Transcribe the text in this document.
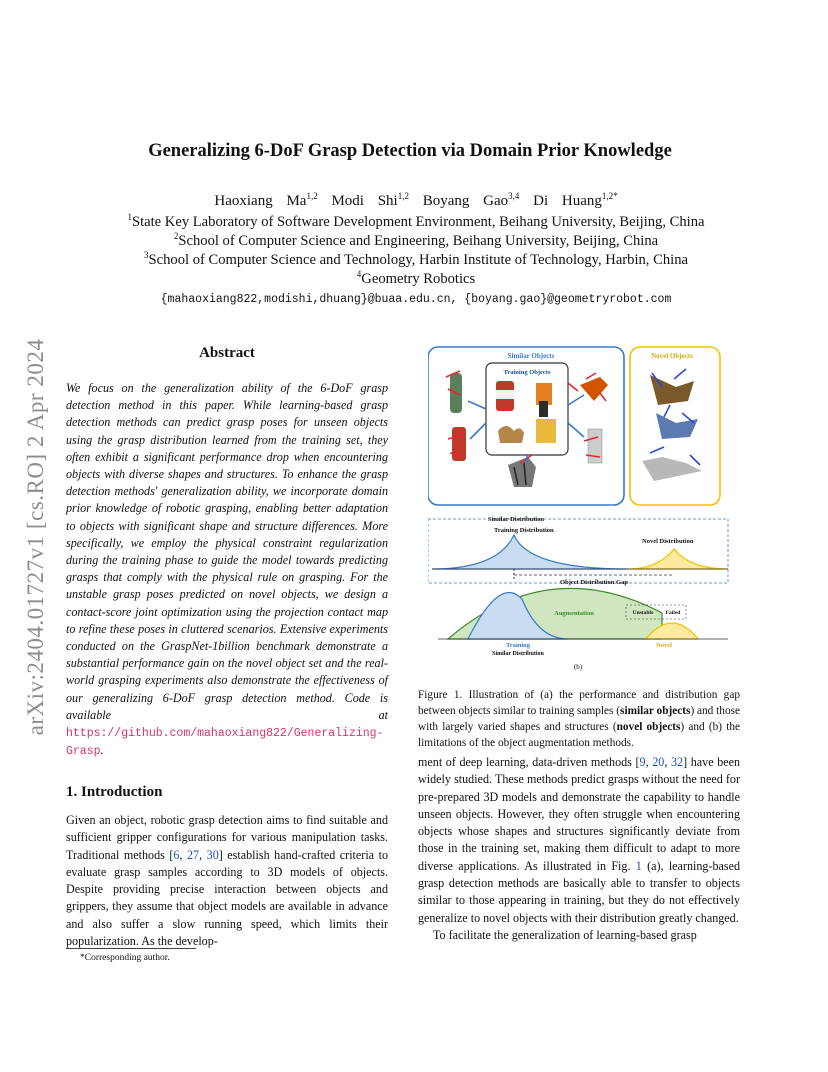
arXiv:2404.01727v1 [cs.RO] 2 Apr 2024
Generalizing 6-DoF Grasp Detection via Domain Prior Knowledge
Haoxiang Ma$^{1,2}$ Modi Shi$^{1,2}$ Boyang Gao$^{3,4}$ Di Huang$^{1,2*}$
$^1$State Key Laboratory of Software Development Environment, Beihang University, Beijing, China
$^2$School of Computer Science and Engineering, Beihang University, Beijing, China
$^3$School of Computer Science and Technology, Harbin Institute of Technology, Harbin, China
$^4$Geometry Robotics
{mahaoxiang822,modishi,dhuang}@buaa.edu.cn, {boyang.gao}@geometryrobot.com
Abstract
We focus on the generalization ability of the 6-DoF grasp detection method in this paper. While learning-based grasp detection methods can predict grasp poses for unseen objects using the grasp distribution learned from the training set, they often exhibit a significant performance drop when encountering objects with diverse shapes and structures. To enhance the grasp detection methods' generalization ability, we incorporate domain prior knowledge of robotic grasping, enabling better adaptation to objects with significant shape and structure differences. More specifically, we employ the physical constraint regularization during the training phase to guide the model towards predicting grasps that comply with the physical rule on grasping. For the unstable grasp poses predicted on novel objects, we design a contact-score joint optimization using the projection contact map to refine these poses in cluttered scenarios. Extensive experiments conducted on the GraspNet-1billion benchmark demonstrate a substantial performance gain on the novel object set and the real-world grasping experiments also demonstrate the effectiveness of our generalizing 6-DoF grasp detection method. Code is available at https://github.com/mahaoxiang822/Generalizing-Grasp.
1. Introduction
Given an object, robotic grasp detection aims to find suitable and sufficient gripper configurations for various manipulation tasks. Traditional methods [6, 27, 30] establish hand-crafted criteria to evaluate grasp samples according to 3D models of objects. Despite providing precise interaction between objects and grippers, they assume that object models are available in advance and also suffer a slow running speed, which limits their popularization. As the develop-
*Corresponding author.
Similar Objects
Training Objects
Novel Objects
Similar Distribution
Training Distribution
Novel Distribution
Object Distribution Gap
Augmentation	Unstable Failed
Training
Similar Distribution
Novel
(b)
Figure 1. Illustration of (a) the performance and distribution gap between objects similar to training samples (similar objects) and those with largely varied shapes and structures (novel objects) and (b) the limitations of the object augmentation methods.

ment of deep learning, data-driven methods [9, 20, 32] have been widely studied. These methods predict grasps without the need for pre-prepared 3D models and demonstrate the capability to handle unseen objects. However, they often struggle when encountering objects whose shapes and structures significantly deviate from those in the training set, making them difficult to adapt to more diverse applications. As illustrated in Fig. 1 (a), learning-based grasp detection methods are basically able to transfer to objects similar to those appearing in training, but they do not effectively generalize to novel objects with their distribution greatly changed.

To facilitate the generalization of learning-based grasp
